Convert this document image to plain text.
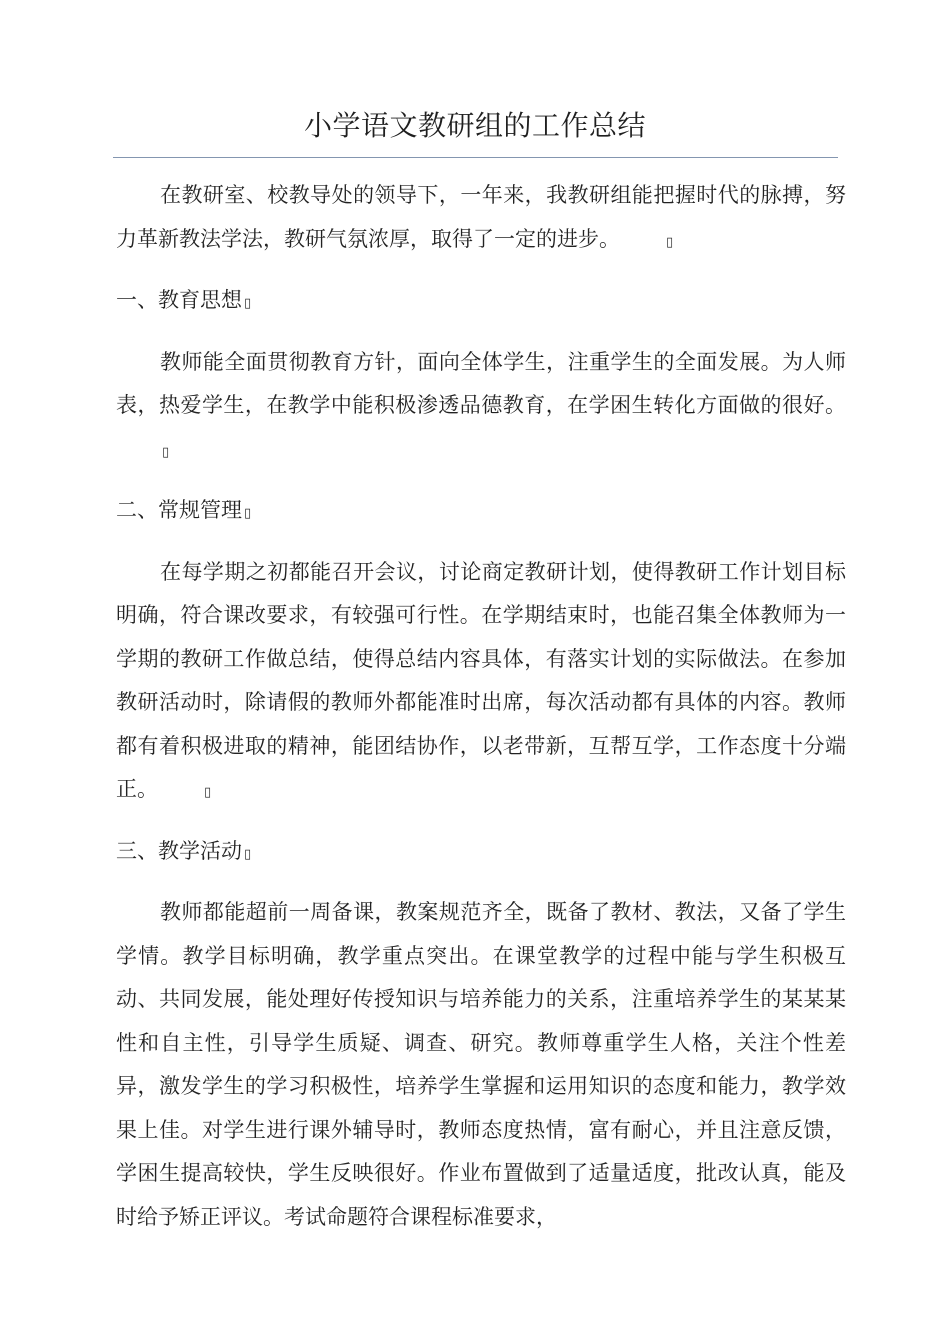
小学语文教研组的工作总结

在教研室、校教导处的领导下，一年来，我教研组能把握时代的脉搏，努力革新教法学法，教研气氛浓厚，取得了一定的进步。	▯

一、教育思想 ▯

教师能全面贯彻教育方针，面向全体学生，注重学生的全面发展。为人师表，热爱学生，在教学中能积极渗透品德教育，在学困生转化方面做的很好。▯

二、常规管理 ▯

在每学期之初都能召开会议，讨论商定教研计划，使得教研工作计划目标明确，符合课改要求，有较强可行性。在学期结束时，也能召集全体教师为一学期的教研工作做总结，使得总结内容具体，有落实计划的实际做法。在参加教研活动时，除请假的教师外都能准时出席，每次活动都有具体的内容。教师都有着积极进取的精神，能团结协作，以老带新，互帮互学，工作态度十分端正。	▯

三、教学活动 ▯

教师都能超前一周备课，教案规范齐全，既备了教材、教法，又备了学生学情。教学目标明确，教学重点突出。在课堂教学的过程中能与学生积极互动、共同发展，能处理好传授知识与培养能力的关系，注重培养学生的某某某性和自主性，引导学生质疑、调查、研究。教师尊重学生人格，关注个性差异，激发学生的学习积极性，培养学生掌握和运用知识的态度和能力，教学效果上佳。对学生进行课外辅导时，教师态度热情，富有耐心，并且注意反馈，学困生提高较快，学生反映很好。作业布置做到了适量适度，批改认真，能及时给予矫正评议。考试命题符合课程标准要求，
